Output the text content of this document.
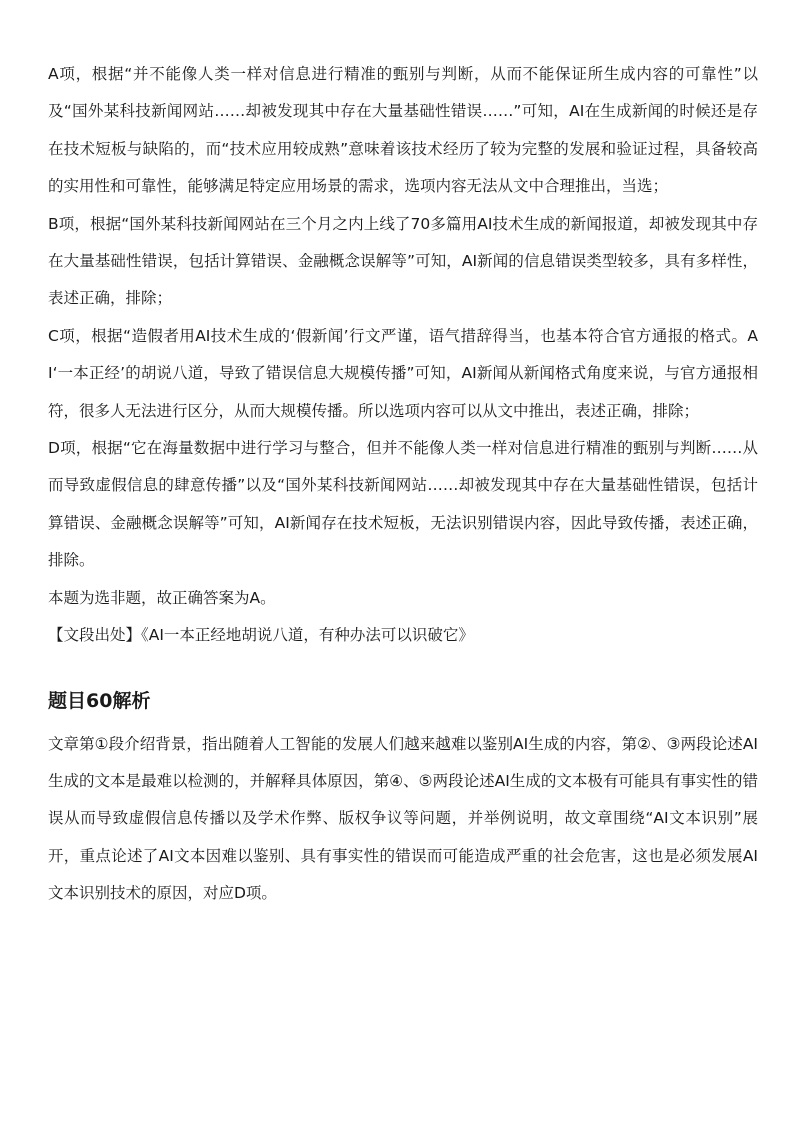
A项，根据“并不能像人类一样对信息进行精准的甄别与判断，从而不能保证所生成内容的可靠性”以及“国外某科技新闻网站……却被发现其中存在大量基础性错误……”可知，AI在生成新闻的时候还是存在技术短板与缺陷的，而“技术应用较成熟”意味着该技术经历了较为完整的发展和验证过程，具备较高的实用性和可靠性，能够满足特定应用场景的需求，选项内容无法从文中合理推出，当选；

B项，根据“国外某科技新闻网站在三个月之内上线了70多篇用AI技术生成的新闻报道，却被发现其中存在大量基础性错误，包括计算错误、金融概念误解等”可知，AI新闻的信息错误类型较多，具有多样性，表述正确，排除；

C项，根据“造假者用AI技术生成的‘假新闻’行文严谨，语气措辞得当，也基本符合官方通报的格式。AI‘一本正经’的胡说八道，导致了错误信息大规模传播”可知，AI新闻从新闻格式角度来说，与官方通报相符，很多人无法进行区分，从而大规模传播。所以选项内容可以从文中推出，表述正确，排除；

D项，根据“它在海量数据中进行学习与整合，但并不能像人类一样对信息进行精准的甄别与判断……从而导致虚假信息的肆意传播”以及“国外某科技新闻网站……却被发现其中存在大量基础性错误，包括计算错误、金融概念误解等”可知，AI新闻存在技术短板，无法识别错误内容，因此导致传播，表述正确，排除。

本题为选非题，故正确答案为A。

【文段出处】《AI一本正经地胡说八道，有种办法可以识破它》

题目60解析

文章第①段介绍背景，指出随着人工智能的发展人们越来越难以鉴别AI生成的内容，第②、③两段论述AI生成的文本是最难以检测的，并解释具体原因，第④、⑤两段论述AI生成的文本极有可能具有事实性的错误从而导致虚假信息传播以及学术作弊、版权争议等问题，并举例说明，故文章围绕“AI文本识别”展开，重点论述了AI文本因难以鉴别、具有事实性的错误而可能造成严重的社会危害，这也是必须发展AI文本识别技术的原因，对应D项。
